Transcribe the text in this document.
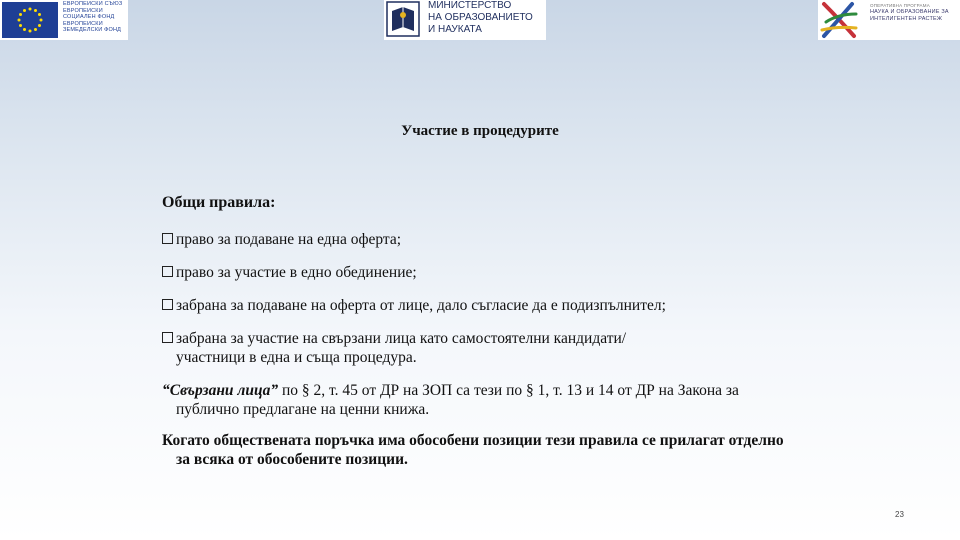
ЕВРОПЕЙСКИ СЪЮЗ
ЕВРОПЕЙСКИ
СОЦИАЛЕН ФОНД
ЕВРОПЕЙСКИ
ЗЕМЕДЕЛСКИ ФОНД
МИНИСТЕРСТВО
НА ОБРАЗОВАНИЕТО
И НАУКАТА
ОПЕРАТИВНА ПРОГРАМА
НАУКА И ОБРАЗОВАНИЕ ЗА
ИНТЕЛИГЕНТЕН РАСТЕЖ
Участие в процедурите
Общи правила:
право за подаване на една оферта;
право за участие в едно обединение;
забрана за подаване на оферта от лице, дало съгласие да е подизпълнител;
забрана за участие на свързани лица като самостоятелни кандидати/участници в една и съща процедура.
“Свързани лица” по § 2, т. 45 от ДР на ЗОП са тези по § 1, т. 13 и 14 от ДР на Закона за публично предлагане на ценни книжа.
Когато обществената поръчка има обособени позиции тези правила се прилагат отделно за всяка от обособените позиции.
23
